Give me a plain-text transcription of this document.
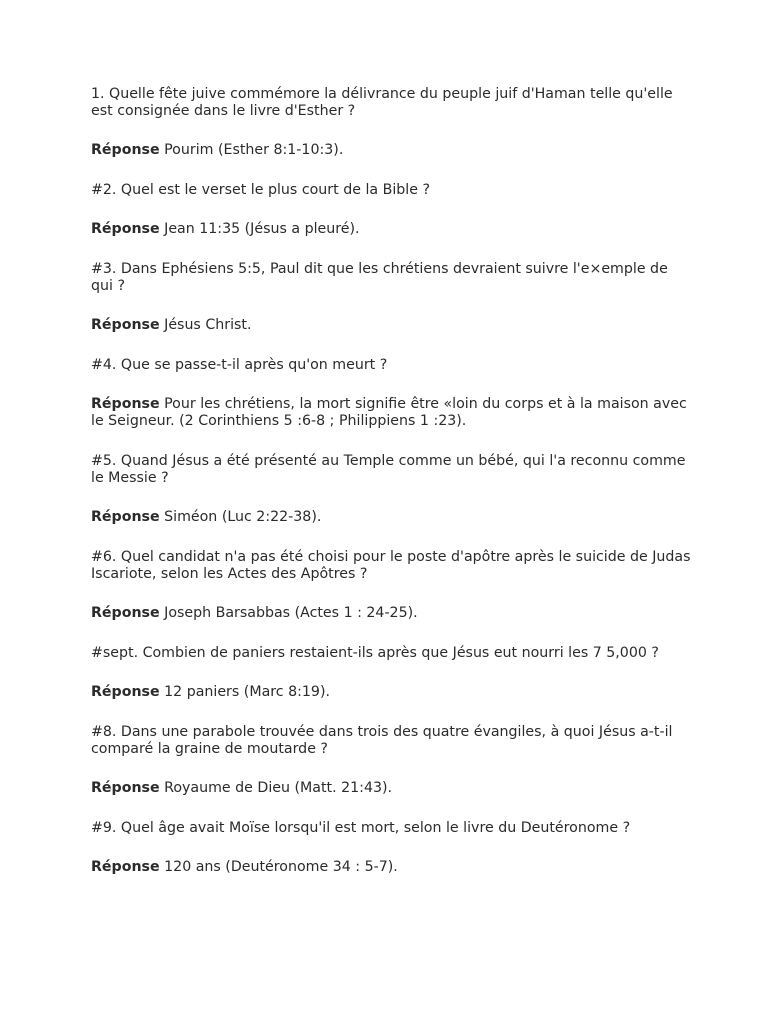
1. Quelle fête juive commémore la délivrance du peuple juif d'Haman telle qu'elle est consignée dans le livre d'Esther ?

Réponse Pourim (Esther 8:1-10:3).

#2. Quel est le verset le plus court de la Bible ?

Réponse Jean 11:35 (Jésus a pleuré).

#3. Dans Ephésiens 5:5, Paul dit que les chrétiens devraient suivre l'e×emple de qui ?

Réponse Jésus Christ.

#4. Que se passe-t-il après qu'on meurt ?

Réponse Pour les chrétiens, la mort signifie être «loin du corps et à la maison avec le Seigneur. (2 Corinthiens 5 :6-8 ; Philippiens 1 :23).

#5. Quand Jésus a été présenté au Temple comme un bébé, qui l'a reconnu comme le Messie ?

Réponse Siméon (Luc 2:22-38).

#6. Quel candidat n'a pas été choisi pour le poste d'apôtre après le suicide de Judas Iscariote, selon les Actes des Apôtres ?

Réponse Joseph Barsabbas (Actes 1 : 24-25).

#sept. Combien de paniers restaient-ils après que Jésus eut nourri les 7 5,000 ?

Réponse 12 paniers (Marc 8:19).

#8. Dans une parabole trouvée dans trois des quatre évangiles, à quoi Jésus a-t-il comparé la graine de moutarde ?

Réponse Royaume de Dieu (Matt. 21:43).

#9. Quel âge avait Moïse lorsqu'il est mort, selon le livre du Deutéronome ?

Réponse 120 ans (Deutéronome 34 : 5-7).
